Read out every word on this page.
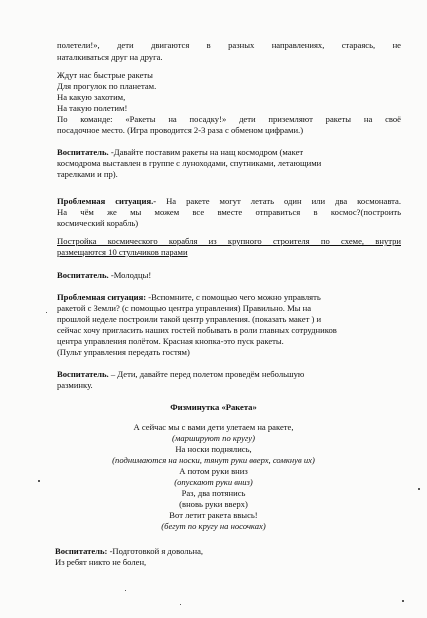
полетели!», дети двигаются в разных направлениях, стараясь, не
наталкиваться друг на друга.
Ждут нас быстрые ракеты
Для прогулок по планетам.
На какую захотим,
На такую полетим!
По команде: «Ракеты на посадку!» дети приземляют ракеты на своё
посадочное место. (Игра проводится 2-3 раза с обменом цифрами.)
Воспитатель. -Давайте поставим ракеты на нащ космодром (макет
космодрома выставлен в группе с луноходами, спутниками, летающими
тарелками и пр).
Проблемная ситуация.- На ракете могут летать один или два космонавта.
На чём же мы можем все вместе отправиться в космос?(построить
космический корабль)
Постройка космического корабля из крупного строителя по схеме, внутри
размещаются 10 стульчиков парами
Воспитатель. -Молодцы!
Проблемная ситуация: -Вспомните, с помощью чего можно управлять
ракетой с Земли? (с помощью центра управления) Правильно. Мы на
прошлой неделе построили такой центр управления. (показать макет ) и
сейчас хочу пригласить наших гостей побывать в роли главных сотрудников
центра управления полётом. Красная кнопка-это пуск ракеты.
(Пульт управления передать гостям)
Воспитатель. – Дети, давайте перед полетом проведём небольшую
разминку.
Физминутка «Ракета»
А сейчас мы с вами дети улетаем на ракете,
(маршируют по кругу)
На носки поднялись,
(поднимаются на носки, тянут руки вверх, сомкнув их)
А потом руки вниз
(опускают руки вниз)
Раз, два потянись
(вновь руки вверх)
Вот летит ракета ввысь!
(бегут по кругу на носочках)
Воспитатель: -Подготовкой я довольна,
Из ребят никто не болен,
